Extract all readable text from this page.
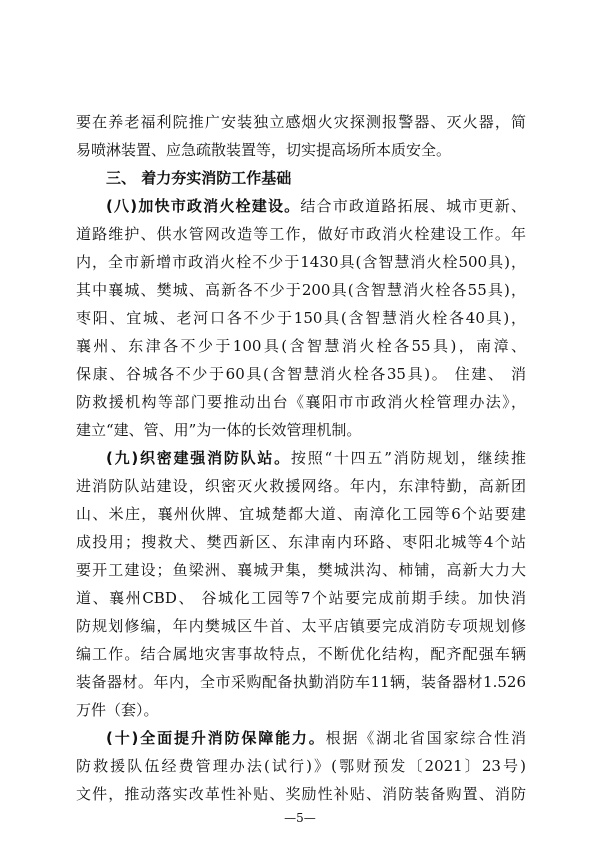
要在养老福利院推广安装独立感烟火灾探测报警器、灭火器，简
易喷淋装置、应急疏散装置等，切实提高场所本质安全。
三、 着力夯实消防工作基础
(八)加快市政消火栓建设。结合市政道路拓展、城市更新、
道路维护、供水管网改造等工作，做好市政消火栓建设工作。年
内，全市新增市政消火栓不少于1430具(含智慧消火栓500具)，
其中襄城、樊城、高新各不少于200具(含智慧消火栓各55具)，
枣阳、宜城、老河口各不少于150具(含智慧消火栓各40具)，
襄州、东津各不少于100具(含智慧消火栓各55具)，南漳、
保康、谷城各不少于60具(含智慧消火栓各35具)。 住建、 消
防救援机构等部门要推动出台《襄阳市市政消火栓管理办法》，
建立“建、管、用”为一体的长效管理机制。
(九)织密建强消防队站。按照“十四五”消防规划，继续推
进消防队站建设，织密灭火救援网络。年内，东津特勤，高新团
山、米庄，襄州伙牌、宜城楚都大道、南漳化工园等6个站要建
成投用；搜救犬、樊西新区、东津南内环路、枣阳北城等4个站
要开工建设；鱼梁洲、襄城尹集，樊城洪沟、柿铺，高新大力大
道、襄州CBD、 谷城化工园等7个站要完成前期手续。加快消
防规划修编，年内樊城区牛首、太平店镇要完成消防专项规划修
编工作。结合属地灾害事故特点，不断优化结构，配齐配强车辆
装备器材。年内，全市采购配备执勤消防车11辆，装备器材1.526
万件（套）。
(十)全面提升消防保障能力。根据《湖北省国家综合性消
防救援队伍经费管理办法(试行)》(鄂财预发〔2021〕23号)
文件，推动落实改革性补贴、奖励性补贴、消防装备购置、消防
—5—
